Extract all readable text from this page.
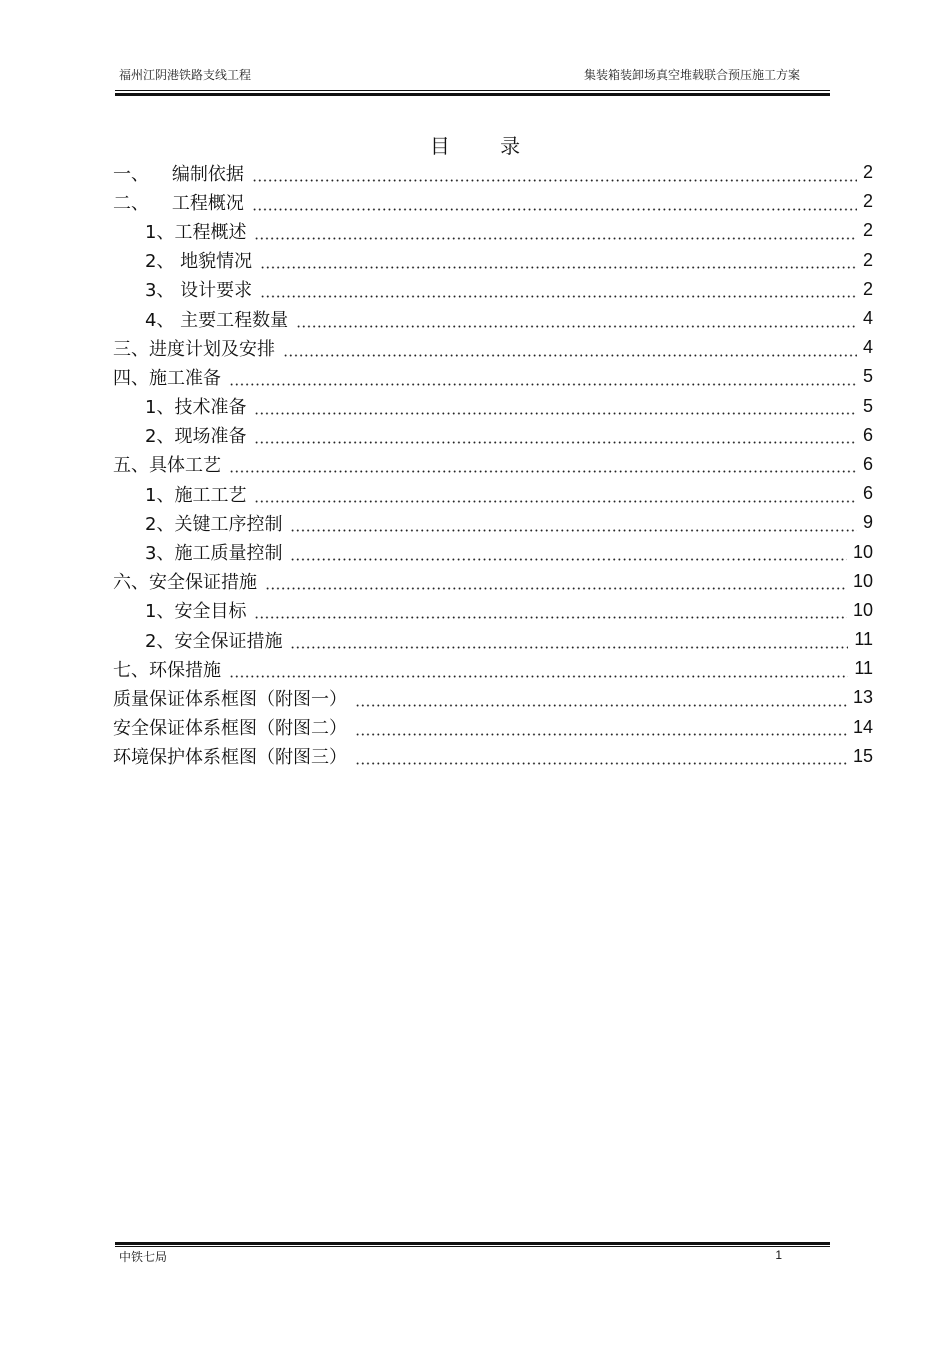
福州江阴港铁路支线工程	集装箱装卸场真空堆载联合预压施工方案
目 录
一、    编制依据	2
二、    工程概况	2
1、工程概述	2
2、 地貌情况	2
3、 设计要求	2
4、 主要工程数量	4
三、进度计划及安排	4
四、施工准备	5
1、技术准备	5
2、现场准备	6
五、具体工艺	6
1、施工工艺	6
2、关键工序控制	9
3、施工质量控制	10
六、安全保证措施	10
1、安全目标	10
2、安全保证措施	11
七、环保措施	11
质量保证体系框图（附图一）	13
安全保证体系框图（附图二）	14
环境保护体系框图（附图三）	15
中铁七局	1
